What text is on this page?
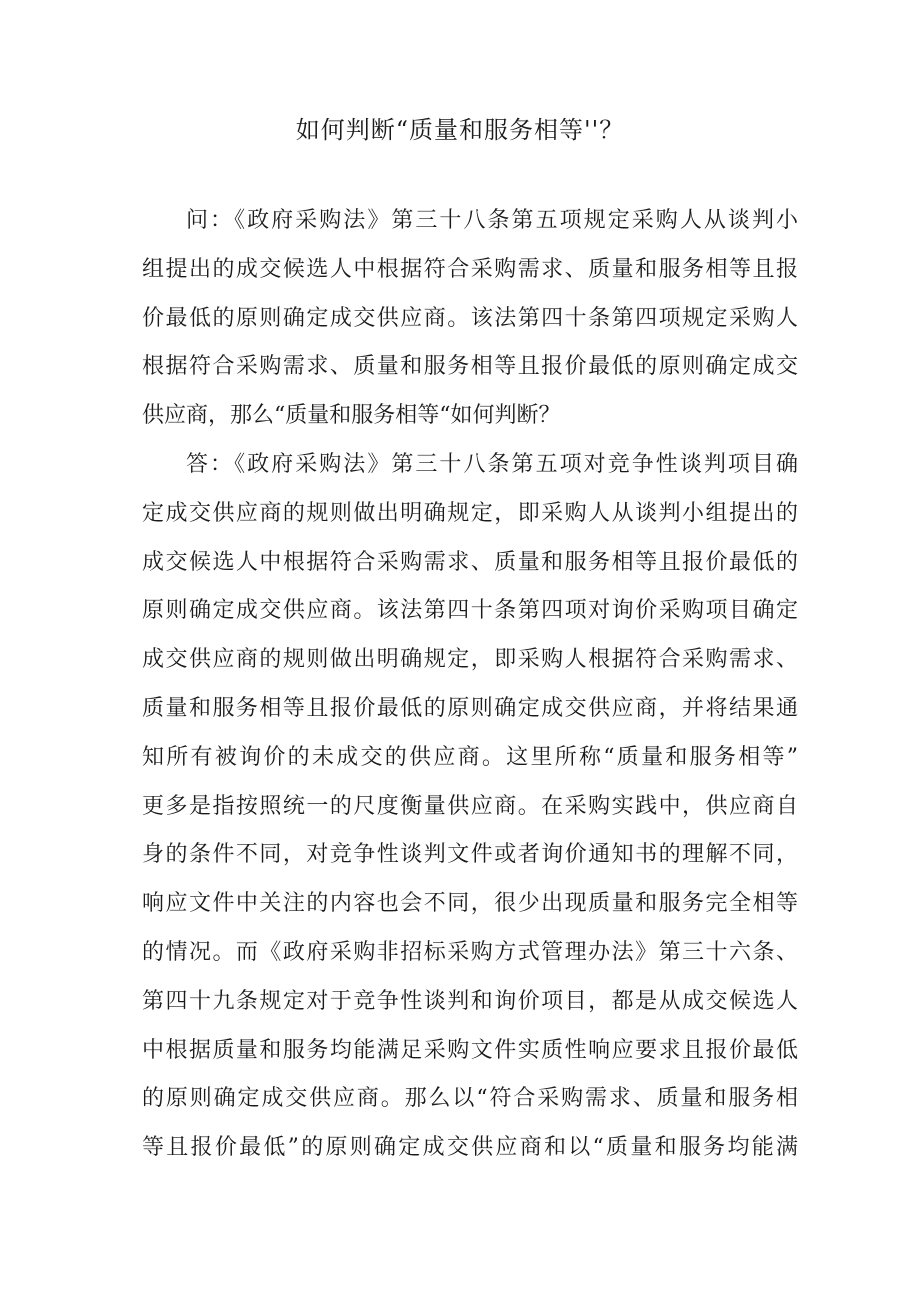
如何判断“质量和服务相等''？
问：《政府采购法》第三十八条第五项规定采购人从谈判小
组提出的成交候选人中根据符合采购需求、质量和服务相等且报
价最低的原则确定成交供应商。该法第四十条第四项规定采购人
根据符合采购需求、质量和服务相等且报价最低的原则确定成交
供应商，那么“质量和服务相等“如何判断？
答：《政府采购法》第三十八条第五项对竞争性谈判项目确
定成交供应商的规则做出明确规定，即采购人从谈判小组提出的
成交候选人中根据符合采购需求、质量和服务相等且报价最低的
原则确定成交供应商。该法第四十条第四项对询价采购项目确定
成交供应商的规则做出明确规定，即采购人根据符合采购需求、
质量和服务相等且报价最低的原则确定成交供应商，并将结果通
知所有被询价的未成交的供应商。这里所称“质量和服务相等”
更多是指按照统一的尺度衡量供应商。在采购实践中，供应商自
身的条件不同，对竞争性谈判文件或者询价通知书的理解不同，
响应文件中关注的内容也会不同，很少出现质量和服务完全相等
的情况。而《政府采购非招标采购方式管理办法》第三十六条、
第四十九条规定对于竞争性谈判和询价项目，都是从成交候选人
中根据质量和服务均能满足采购文件实质性响应要求且报价最低
的原则确定成交供应商。那么以“符合采购需求、质量和服务相
等且报价最低”的原则确定成交供应商和以“质量和服务均能满
